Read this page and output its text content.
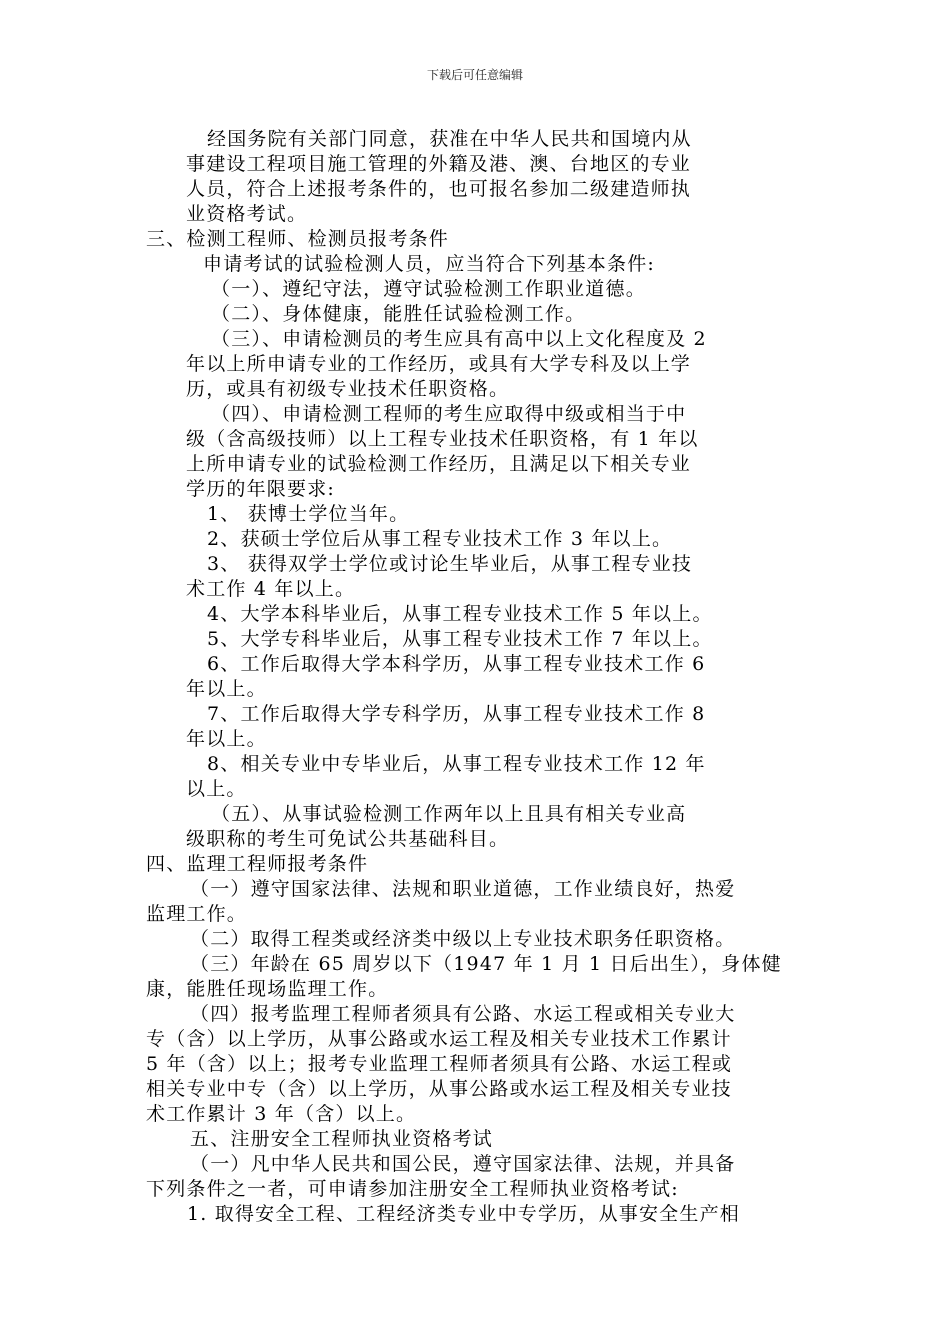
下载后可任意编辑
经国务院有关部门同意，获准在中华人民共和国境内从
事建设工程项目施工管理的外籍及港、澳、台地区的专业
人员，符合上述报考条件的，也可报名参加二级建造师执
业资格考试。
三、检测工程师、检测员报考条件
申请考试的试验检测人员，应当符合下列基本条件:
（一）、遵纪守法，遵守试验检测工作职业道德。
（二）、身体健康，能胜任试验检测工作。
（三）、申请检测员的考生应具有高中以上文化程度及 2
年以上所申请专业的工作经历，或具有大学专科及以上学
历，或具有初级专业技术任职资格。
（四）、申请检测工程师的考生应取得中级或相当于中
级（含高级技师）以上工程专业技术任职资格，有 1 年以
上所申请专业的试验检测工作经历，且满足以下相关专业
学历的年限要求:
1、 获博士学位当年。
2、获硕士学位后从事工程专业技术工作 3 年以上。
3、 获得双学士学位或讨论生毕业后，从事工程专业技
术工作 4 年以上。
4、大学本科毕业后，从事工程专业技术工作 5 年以上。
5、大学专科毕业后，从事工程专业技术工作 7 年以上。
6、工作后取得大学本科学历，从事工程专业技术工作 6
年以上。
7、工作后取得大学专科学历，从事工程专业技术工作 8
年以上。
8、相关专业中专毕业后，从事工程专业技术工作 12 年
以上。
（五）、从事试验检测工作两年以上且具有相关专业高
级职称的考生可免试公共基础科目。
四、监理工程师报考条件
（一）遵守国家法律、法规和职业道德，工作业绩良好，热爱
监理工作。
（二）取得工程类或经济类中级以上专业技术职务任职资格。
（三）年龄在 65 周岁以下（1947 年 1 月 1 日后出生），身体健
康，能胜任现场监理工作。
（四）报考监理工程师者须具有公路、水运工程或相关专业大
专（含）以上学历，从事公路或水运工程及相关专业技术工作累计
5 年（含）以上；报考专业监理工程师者须具有公路、水运工程或
相关专业中专（含）以上学历，从事公路或水运工程及相关专业技
术工作累计 3 年（含）以上。
五、注册安全工程师执业资格考试
（一）凡中华人民共和国公民，遵守国家法律、法规，并具备
下列条件之一者，可申请参加注册安全工程师执业资格考试:
1. 取得安全工程、工程经济类专业中专学历，从事安全生产相
